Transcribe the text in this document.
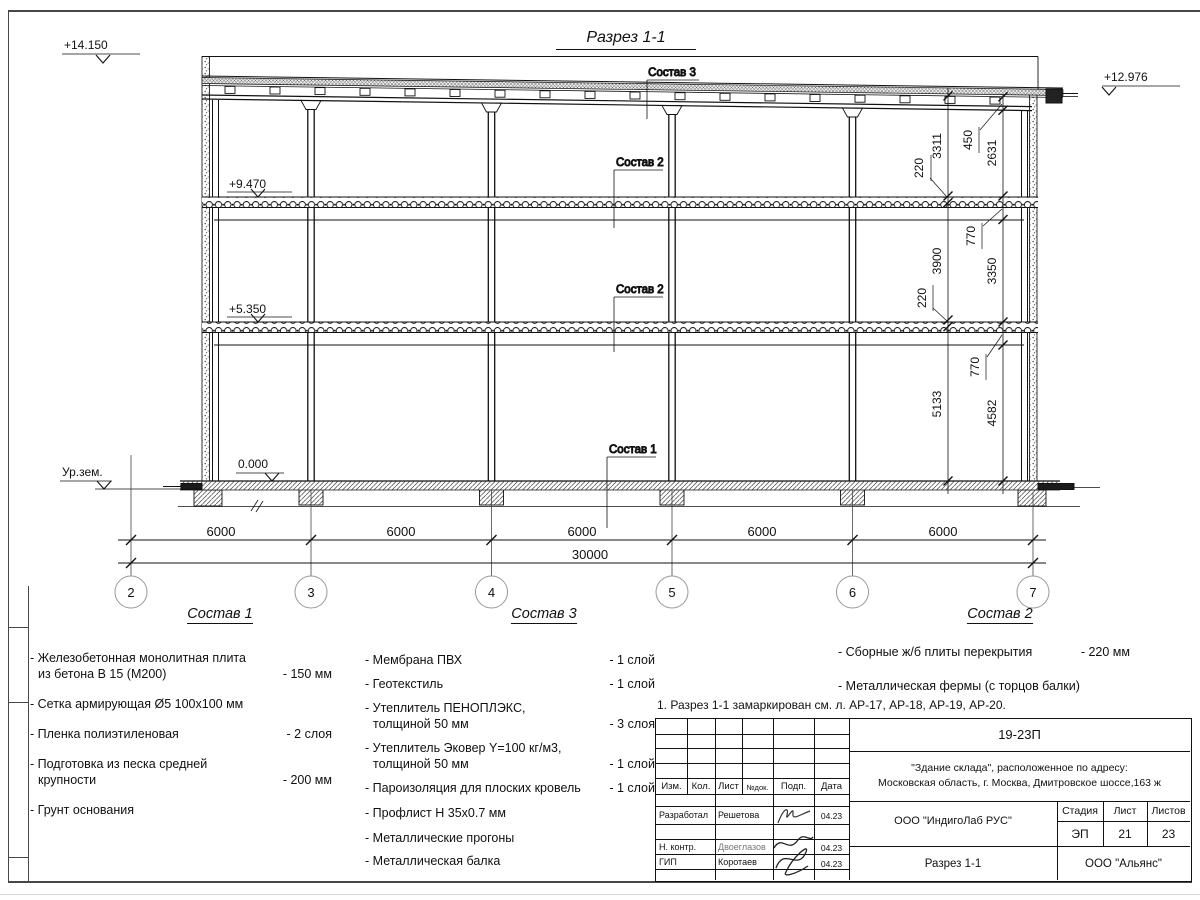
Разрез 1-1
Состав 3
Состав 2
Состав 2
Состав 1
+14.150
+12.976
+9.470
+5.350
0.000
Ур.зем.
3311
220
3900
220
5133
450 2631
770
3350
770
4582
6000	6000	6000	6000	6000
30000
2	3	4	5	6	7
Состав 1
- Железобетонная монолитная плита
из бетона В 15 (М200)	- 150 мм
- Сетка армирующая Ø5 100х100 мм
- Пленка полиэтиленовая	- 2 слоя
- Подготовка из песка средней
крупности	- 200 мм
- Грунт основания
Состав 3
- Мембрана ПВХ	- 1 слой
- Геотекстиль	- 1 слой
- Утеплитель ПЕНОПЛЭКС,
толщиной 50 мм	- 3 слоя
- Утеплитель Эковер Y=100 кг/м3,
толщиной 50 мм	- 1 слой
- Пароизоляция для плоских кровель	- 1 слой
- Профлист Н 35х0.7 мм
- Металлические прогоны
- Металлическая балка
Состав 2
- Сборные ж/б плиты перекрытия	- 220 мм
- Металлическая фермы (с торцов балки)
1. Разрез 1-1 замаркирован см. л. АР-17, АР-18, АР-19, АР-20.
19-23П
"Здание склада", расположенное по адресу:
Московская область, г. Москва, Дмитровское шоссе,163 ж
ООО "ИндигоЛаб РУС"
Стадия	Лист	Листов
ЭП	21	23
Разрез 1-1	ООО "Альянс"
Изм.	Кол. Лист	№док.	Подп.	Дата
Разработал Решетова	04.23
Н. контр. Двоеглазов	04.23
ГИП	Коротаев	04.23
